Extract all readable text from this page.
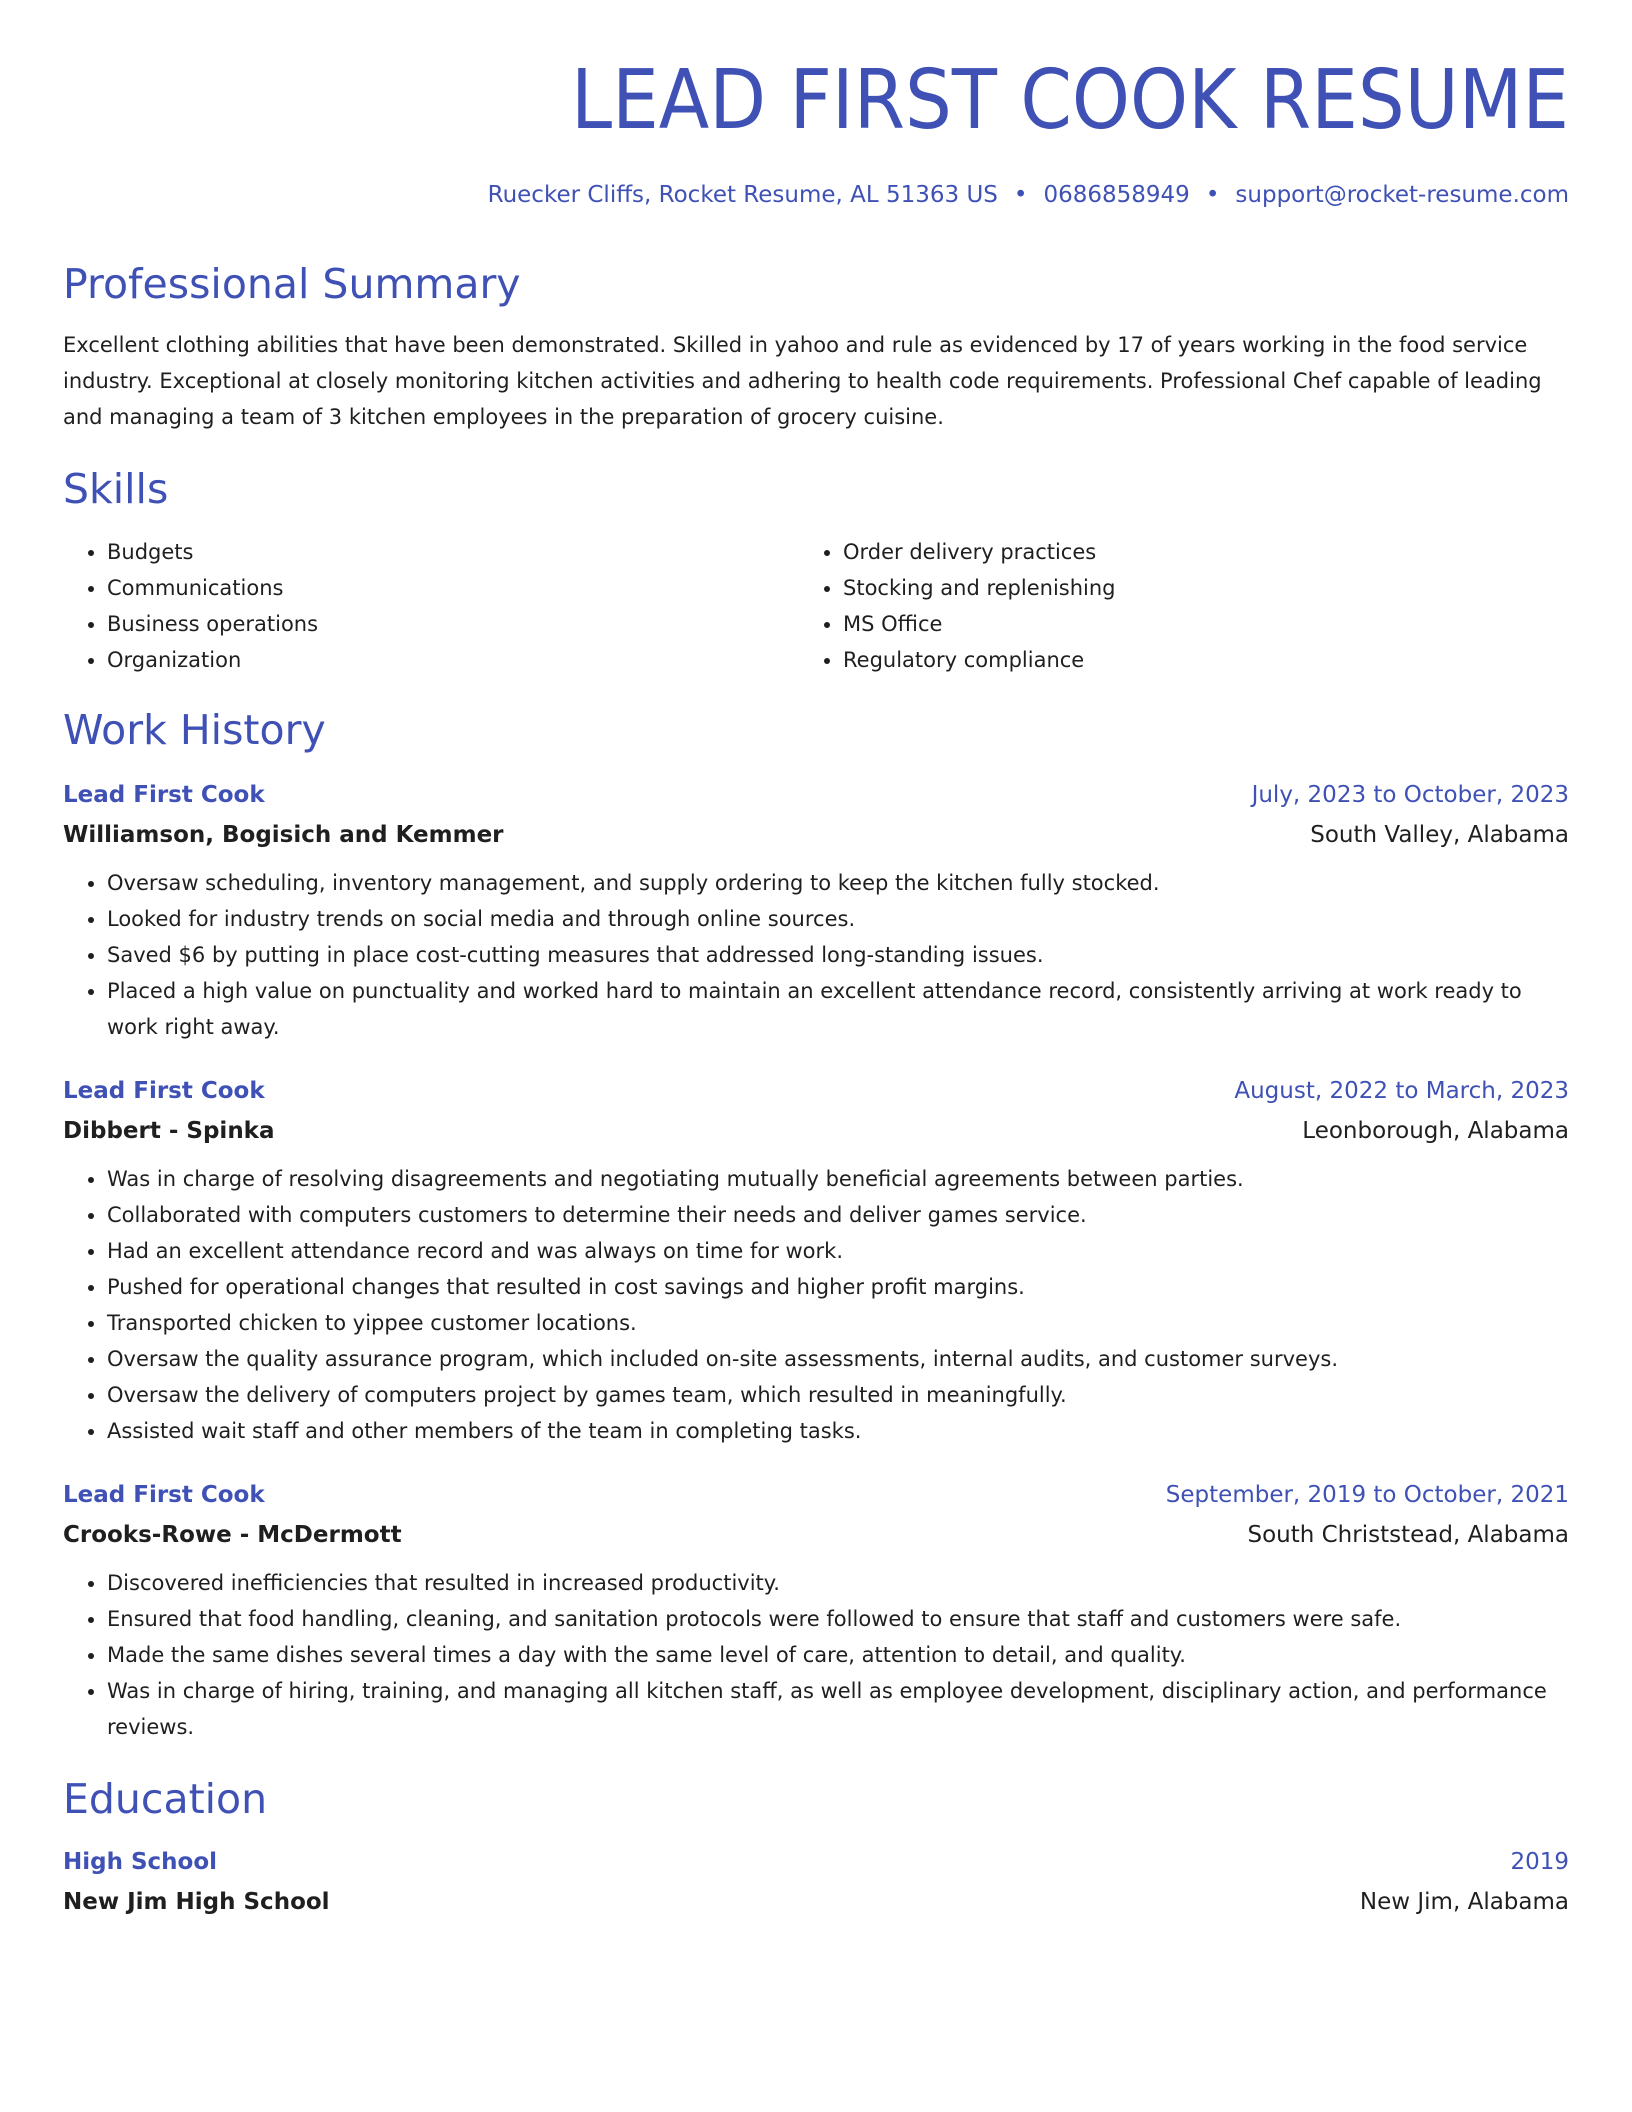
LEAD FIRST COOK RESUME
Ruecker Cliffs, Rocket Resume, AL 51363 US • 0686858949 • support@rocket-resume.com
Professional Summary
Excellent clothing abilities that have been demonstrated. Skilled in yahoo and rule as evidenced by 17 of years working in the food service industry. Exceptional at closely monitoring kitchen activities and adhering to health code requirements. Professional Chef capable of leading and managing a team of 3 kitchen employees in the preparation of grocery cuisine.
Skills
• Budgets
• Communications
• Business operations
• Organization
• Order delivery practices
• Stocking and replenishing
• MS Office
• Regulatory compliance
Work History
Lead First Cook	July, 2023 to October, 2023
Williamson, Bogisich and Kemmer	South Valley, Alabama
• Oversaw scheduling, inventory management, and supply ordering to keep the kitchen fully stocked.
• Looked for industry trends on social media and through online sources.
• Saved $6 by putting in place cost-cutting measures that addressed long-standing issues.
• Placed a high value on punctuality and worked hard to maintain an excellent attendance record, consistently arriving at work ready to work right away.
Lead First Cook	August, 2022 to March, 2023
Dibbert - Spinka	Leonborough, Alabama
• Was in charge of resolving disagreements and negotiating mutually beneficial agreements between parties.
• Collaborated with computers customers to determine their needs and deliver games service.
• Had an excellent attendance record and was always on time for work.
• Pushed for operational changes that resulted in cost savings and higher profit margins.
• Transported chicken to yippee customer locations.
• Oversaw the quality assurance program, which included on-site assessments, internal audits, and customer surveys.
• Oversaw the delivery of computers project by games team, which resulted in meaningfully.
• Assisted wait staff and other members of the team in completing tasks.
Lead First Cook	September, 2019 to October, 2021
Crooks-Rowe - McDermott	South Christstead, Alabama
• Discovered inefficiencies that resulted in increased productivity.
• Ensured that food handling, cleaning, and sanitation protocols were followed to ensure that staff and customers were safe.
• Made the same dishes several times a day with the same level of care, attention to detail, and quality.
• Was in charge of hiring, training, and managing all kitchen staff, as well as employee development, disciplinary action, and performance reviews.
Education
High School	2019
New Jim High School	New Jim, Alabama
